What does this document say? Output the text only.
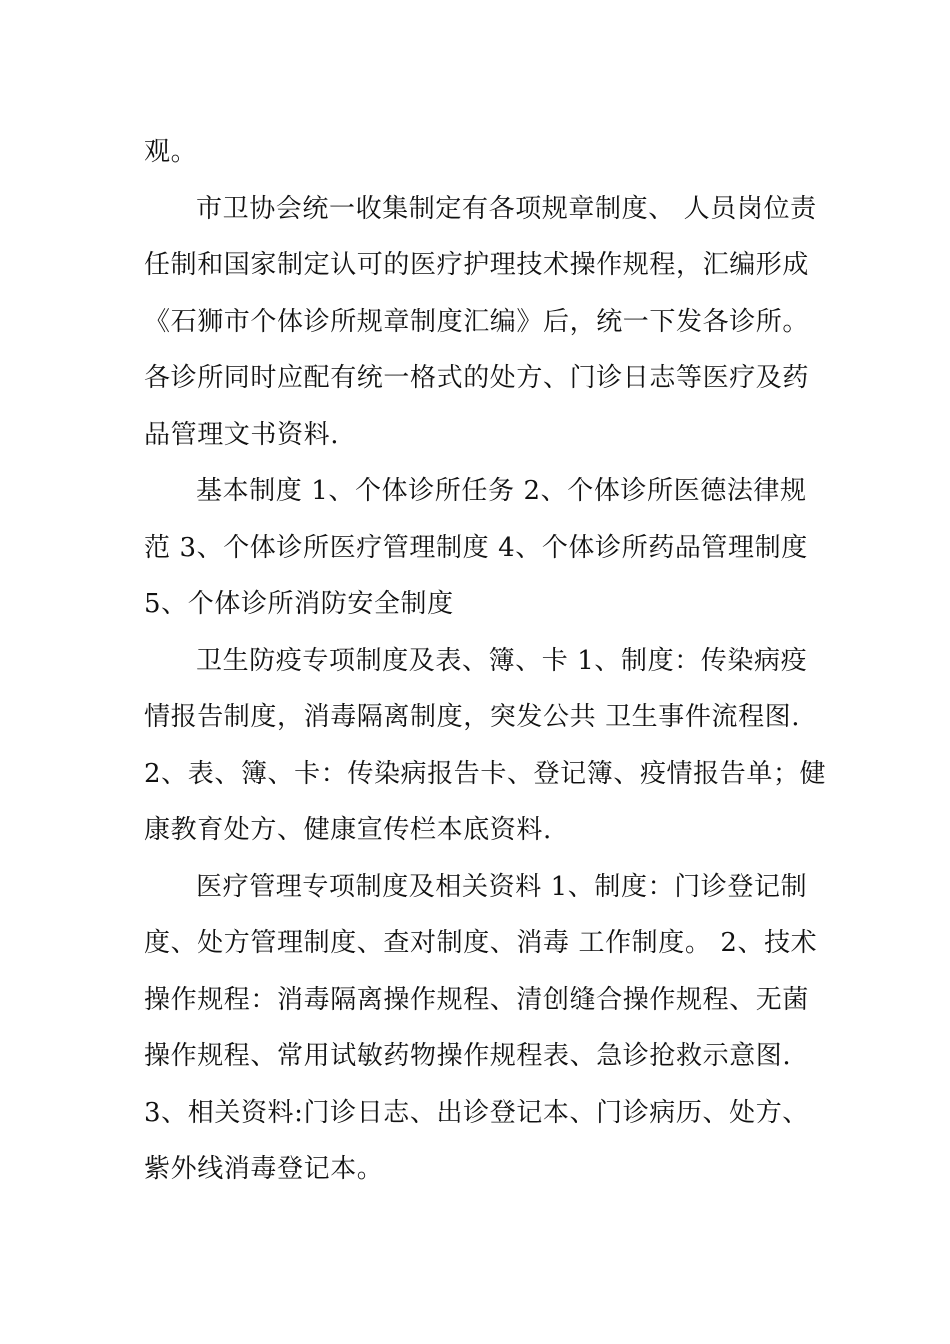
观。
市卫协会统一收集制定有各项规章制度、 人员岗位责
任制和国家制定认可的医疗护理技术操作规程，汇编形成
《石狮市个体诊所规章制度汇编》后，统一下发各诊所。
各诊所同时应配有统一格式的处方、门诊日志等医疗及药
品管理文书资料.
基本制度 1、个体诊所任务 2、个体诊所医德法律规
范 3、个体诊所医疗管理制度 4、个体诊所药品管理制度
5、个体诊所消防安全制度
卫生防疫专项制度及表、簿、卡 1、制度：传染病疫
情报告制度，消毒隔离制度，突发公共 卫生事件流程图.
2、表、簿、卡：传染病报告卡、登记簿、疫情报告单；健
康教育处方、健康宣传栏本底资料.
医疗管理专项制度及相关资料 1、制度：门诊登记制
度、处方管理制度、查对制度、消毒 工作制度。 2、技术
操作规程：消毒隔离操作规程、清创缝合操作规程、无菌
操作规程、常用试敏药物操作规程表、急诊抢救示意图.
3、相关资料:门诊日志、出诊登记本、门诊病历、处方、
紫外线消毒登记本。
